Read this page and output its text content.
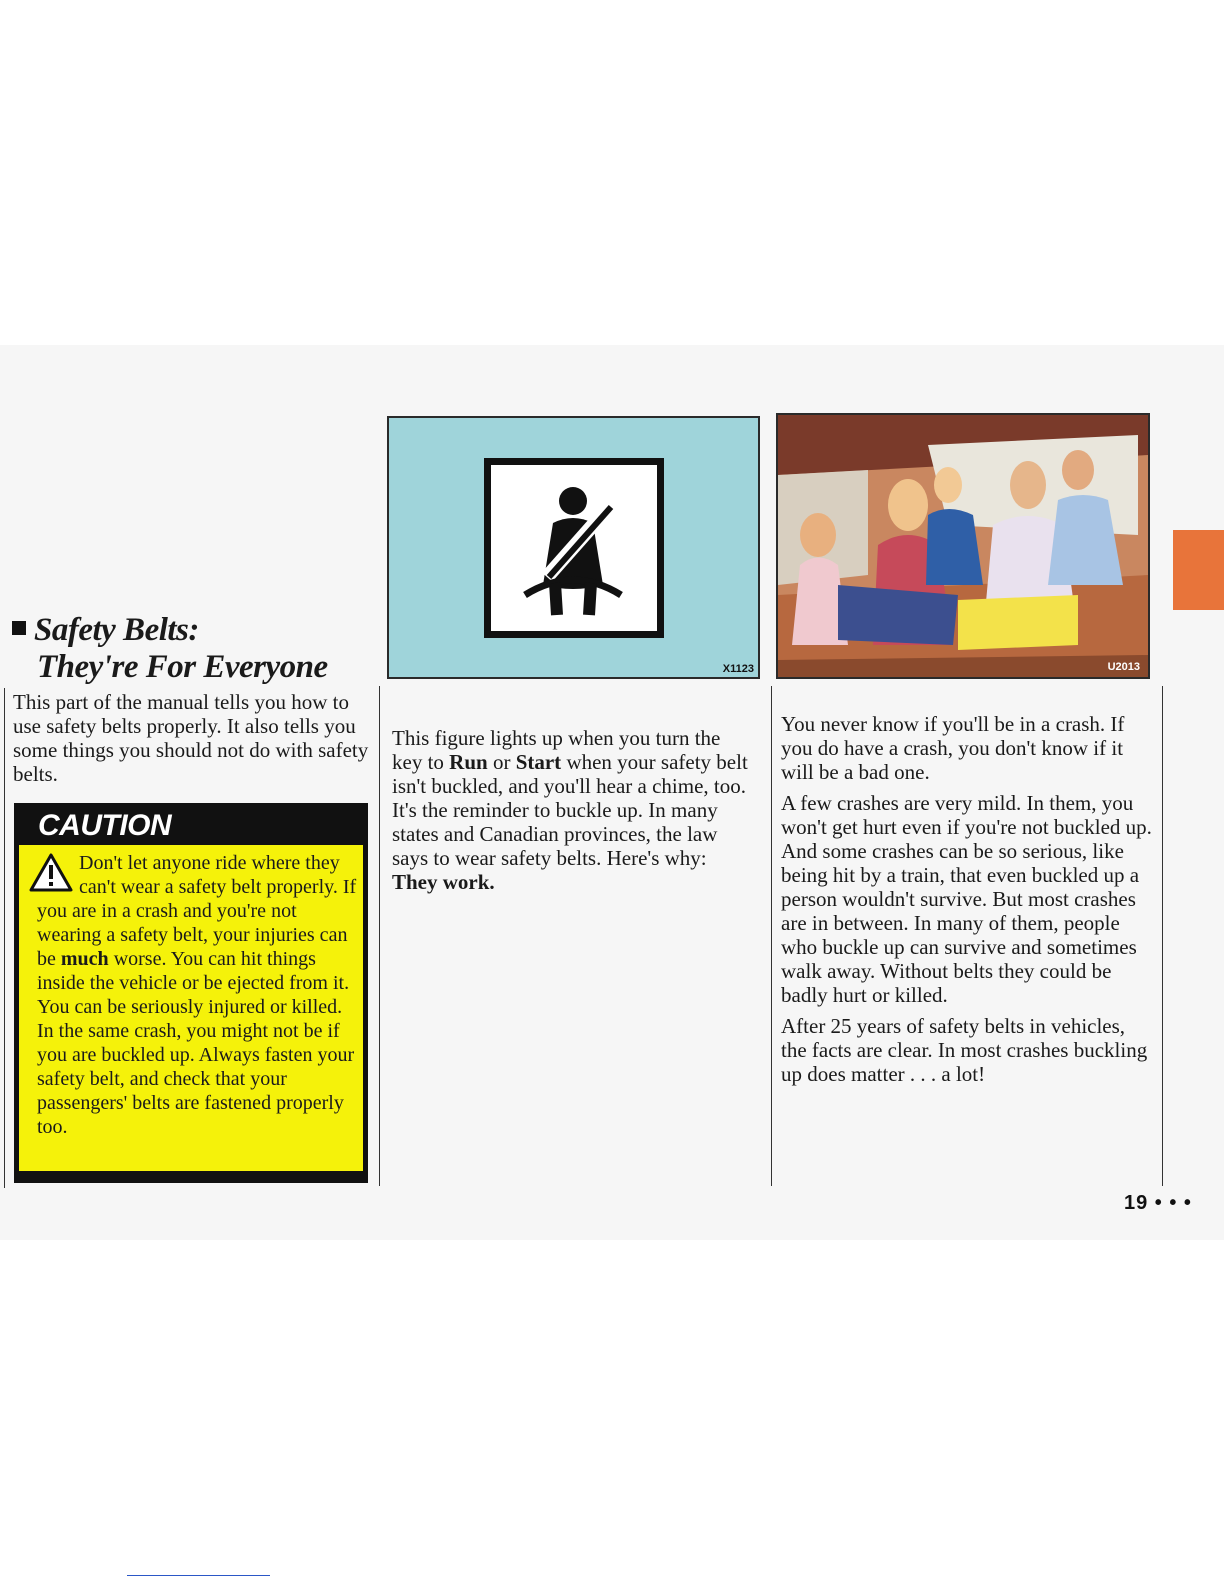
Safety Belts:
They're For Everyone

This part of the manual tells you how to use safety belts properly. It also tells you some things you should not do with safety belts.

CAUTION
Don't let anyone ride where they can't wear a safety belt properly. If you are in a crash and you're not wearing a safety belt, your injuries can be much worse. You can hit things inside the vehicle or be ejected from it. You can be seriously injured or killed. In the same crash, you might not be if you are buckled up. Always fasten your safety belt, and check that your passengers' belts are fastened properly too.
X1123	U2013

This figure lights up when you turn the key to Run or Start when your safety belt isn't buckled, and you'll hear a chime, too. It's the reminder to buckle up. In many states and Canadian provinces, the law says to wear safety belts. Here's why: They work.

You never know if you'll be in a crash. If you do have a crash, you don't know if it will be a bad one.

A few crashes are very mild. In them, you won't get hurt even if you're not buckled up. And some crashes can be so serious, like being hit by a train, that even buckled up a person wouldn't survive. But most crashes are in between. In many of them, people who buckle up can survive and sometimes walk away. Without belts they could be badly hurt or killed.

After 25 years of safety belts in vehicles, the facts are clear. In most crashes buckling up does matter . . . a lot!

19 • • •
